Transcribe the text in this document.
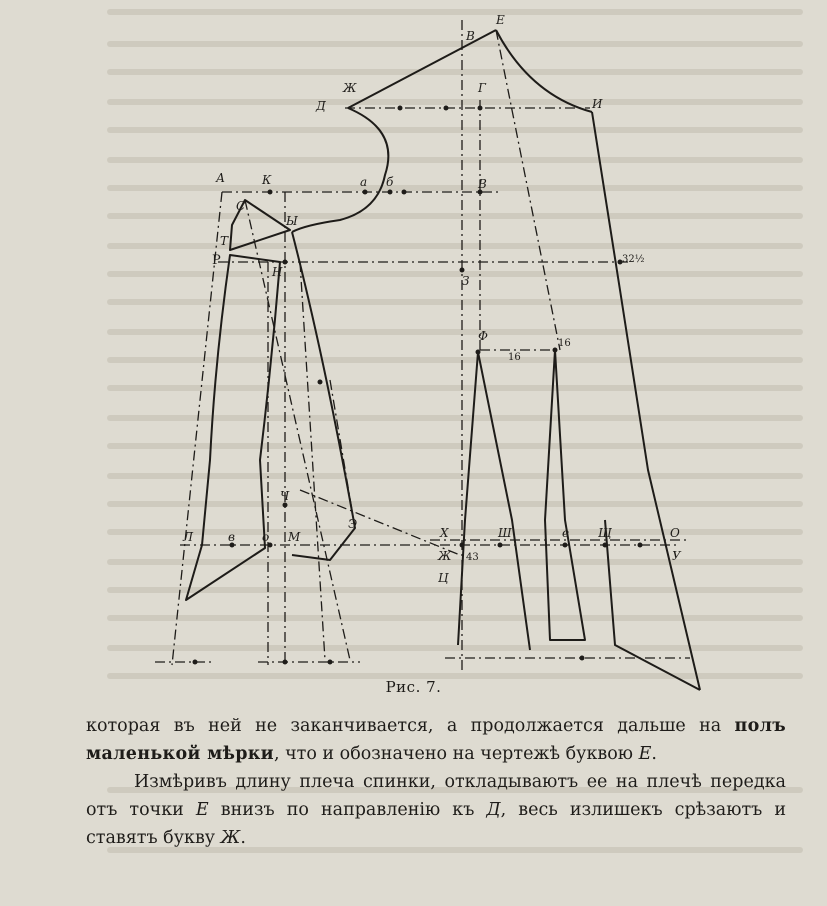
Е
В
Ж
Д
Г
И
А	К	а б	В
С
Т
Ы
Р
Н
З
32½
Ф
16
16
Ч
Л	в о М
Э
Х	Ш	е Щ	О
У
Ж
Ц
43
Рис. 7.

которая въ ней не заканчивается, а продолжается дальше на полъ маленькой мѣрки, что и обозначено на чертежѣ буквою Е.

Измѣривъ длину плеча спинки, откладываютъ ее на плечѣ передка отъ точки Е внизъ по направленію къ Д, весь излишекъ срѣзаютъ и ставятъ букву Ж.
